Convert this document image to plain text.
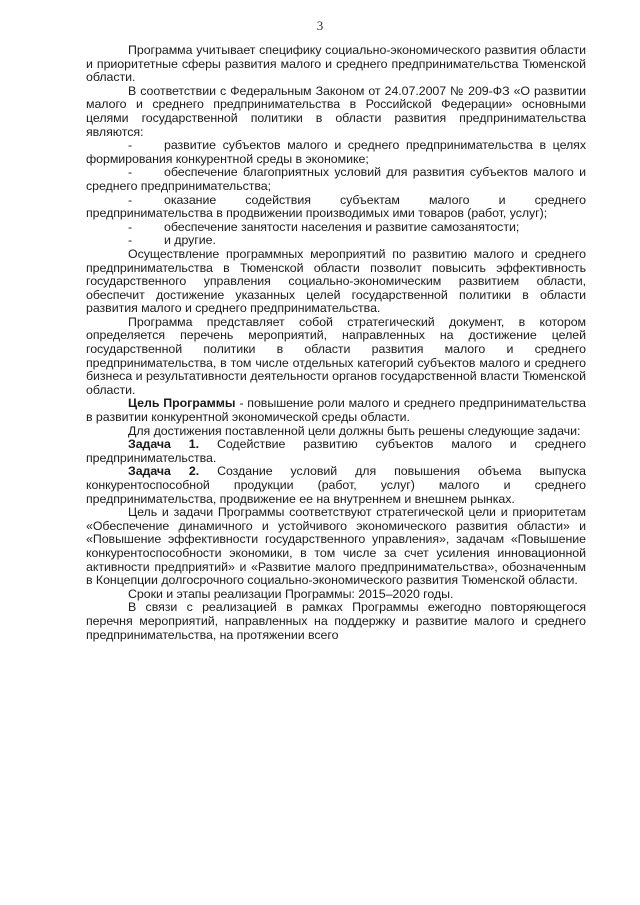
3

Программа учитывает специфику социально-экономического развития области и приоритетные сферы развития малого и среднего предпринимательства Тюменской области.

В соответствии с Федеральным Законом от 24.07.2007 № 209-ФЗ «О развитии малого и среднего предпринимательства в Российской Федерации» основными целями государственной политики в области развития предпринимательства являются:

-	развитие субъектов малого и среднего предпринимательства в целях формирования конкурентной среды в экономике;
-	обеспечение благоприятных условий для развития субъектов малого и среднего предпринимательства;
-	оказание содействия субъектам малого и среднего предпринимательства в продвижении производимых ими товаров (работ, услуг);
-	обеспечение занятости населения и развитие самозанятости;
-	и другие.

Осуществление программных мероприятий по развитию малого и среднего предпринимательства в Тюменской области позволит повысить эффективность государственного управления социально-экономическим развитием области, обеспечит достижение указанных целей государственной политики в области развития малого и среднего предпринимательства.

Программа представляет собой стратегический документ, в котором определяется перечень мероприятий, направленных на достижение целей государственной политики в области развития малого и среднего предпринимательства, в том числе отдельных категорий субъектов малого и среднего бизнеса и результативности деятельности органов государственной власти Тюменской области.

Цель Программы - повышение роли малого и среднего предпринимательства в развитии конкурентной экономической среды области.

Для достижения поставленной цели должны быть решены следующие задачи:

Задача 1. Содействие развитию субъектов малого и среднего предпринимательства.

Задача 2. Создание условий для повышения объема выпуска конкурентоспособной продукции (работ, услуг) малого и среднего предпринимательства, продвижение ее на внутреннем и внешнем рынках.

Цель и задачи Программы соответствуют стратегической цели и приоритетам «Обеспечение динамичного и устойчивого экономического развития области» и «Повышение эффективности государственного управления», задачам «Повышение конкурентоспособности экономики, в том числе за счет усиления инновационной активности предприятий» и «Развитие малого предпринимательства», обозначенным в Концепции долгосрочного социально-экономического развития Тюменской области.

Сроки и этапы реализации Программы: 2015–2020 годы.

В связи с реализацией в рамках Программы ежегодно повторяющегося перечня мероприятий, направленных на поддержку и развитие малого и среднего предпринимательства, на протяжении всего
